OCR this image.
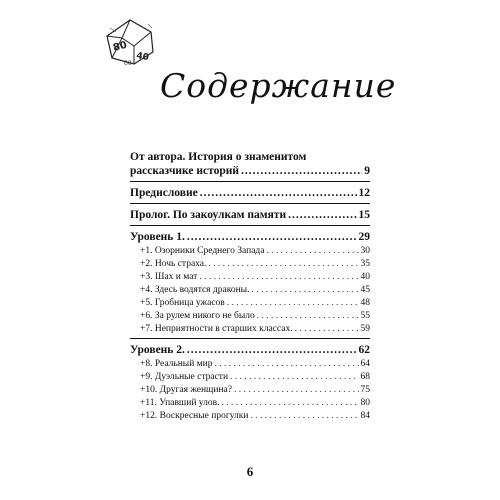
80
40
00
Содержание
От автора. История о знаменитом
рассказчике историй .....	9
Предисловие .....	12
Пролог. По закоулкам памяти .....	15
Уровень 1. .....	29
+1. Озорники Среднего Запада . . .	30
+2. Ночь страха. . . .	35
+3. Шах и мат . . .	40
+4. Здесь водятся драконы. . . .	45
+5. Гробница ужасов . . .	48
+6. За рулем никого не было . . .	55
+7. Неприятности в старших классах. . . .	59
Уровень 2. .....	62
+8. Реальный мир . . .	64
+9. Дуэльные страсти . . .	68
+10. Другая женщина? . . .	75
+11. Упавший улов. . . .	80
+12. Воскресные прогулки . . .	84
6
